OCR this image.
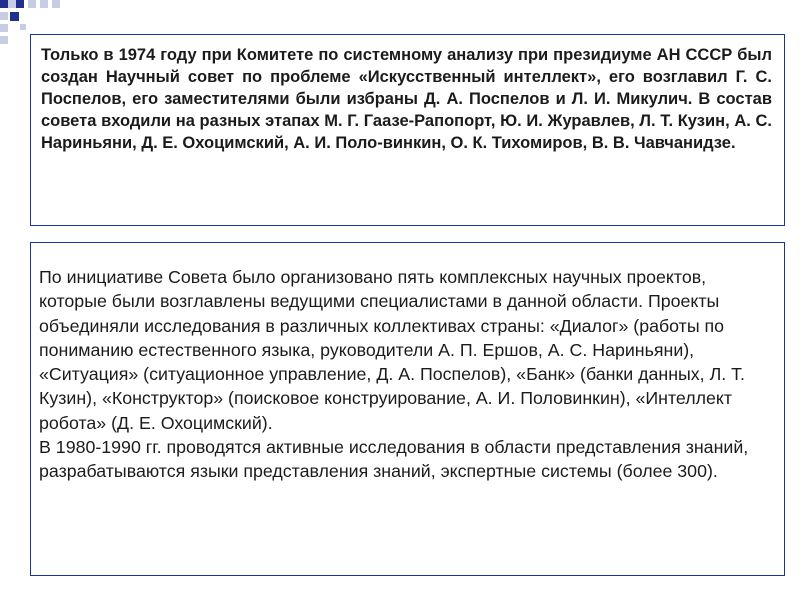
Только в 1974 году при Комитете по системному анализу при президиуме АН СССР был создан Научный совет по проблеме «Искусственный интеллект», его возглавил Г. С. Поспелов, его заместителями были избраны Д. А. Поспелов и Л. И. Микулич. В состав совета входили на разных этапах М. Г. Гаазе-Рапопорт, Ю. И. Журавлев, Л. Т. Кузин, А. С. Нариньяни, Д. Е. Охоцимский, А. И. Поло-винкин, О. К. Тихомиров, В. В. Чавчанидзе.

По инициативе Совета было организовано пять комплексных научных проектов, которые были возглавлены ведущими специалистами в данной области. Проекты объединяли исследования в различных коллективах страны: «Диалог» (работы по пониманию естественного языка, руководители А. П. Ершов, А. С. Нариньяни), «Ситуация» (ситуационное управление, Д. А. Поспелов), «Банк» (банки данных, Л. Т. Кузин), «Конструктор» (поисковое конструирование, А. И. Половинкин), «Интеллект робота» (Д. Е. Охоцимский).

В 1980-1990 гг. проводятся активные исследования в области представления знаний, разрабатываются языки представления знаний, экспертные системы (более 300).
